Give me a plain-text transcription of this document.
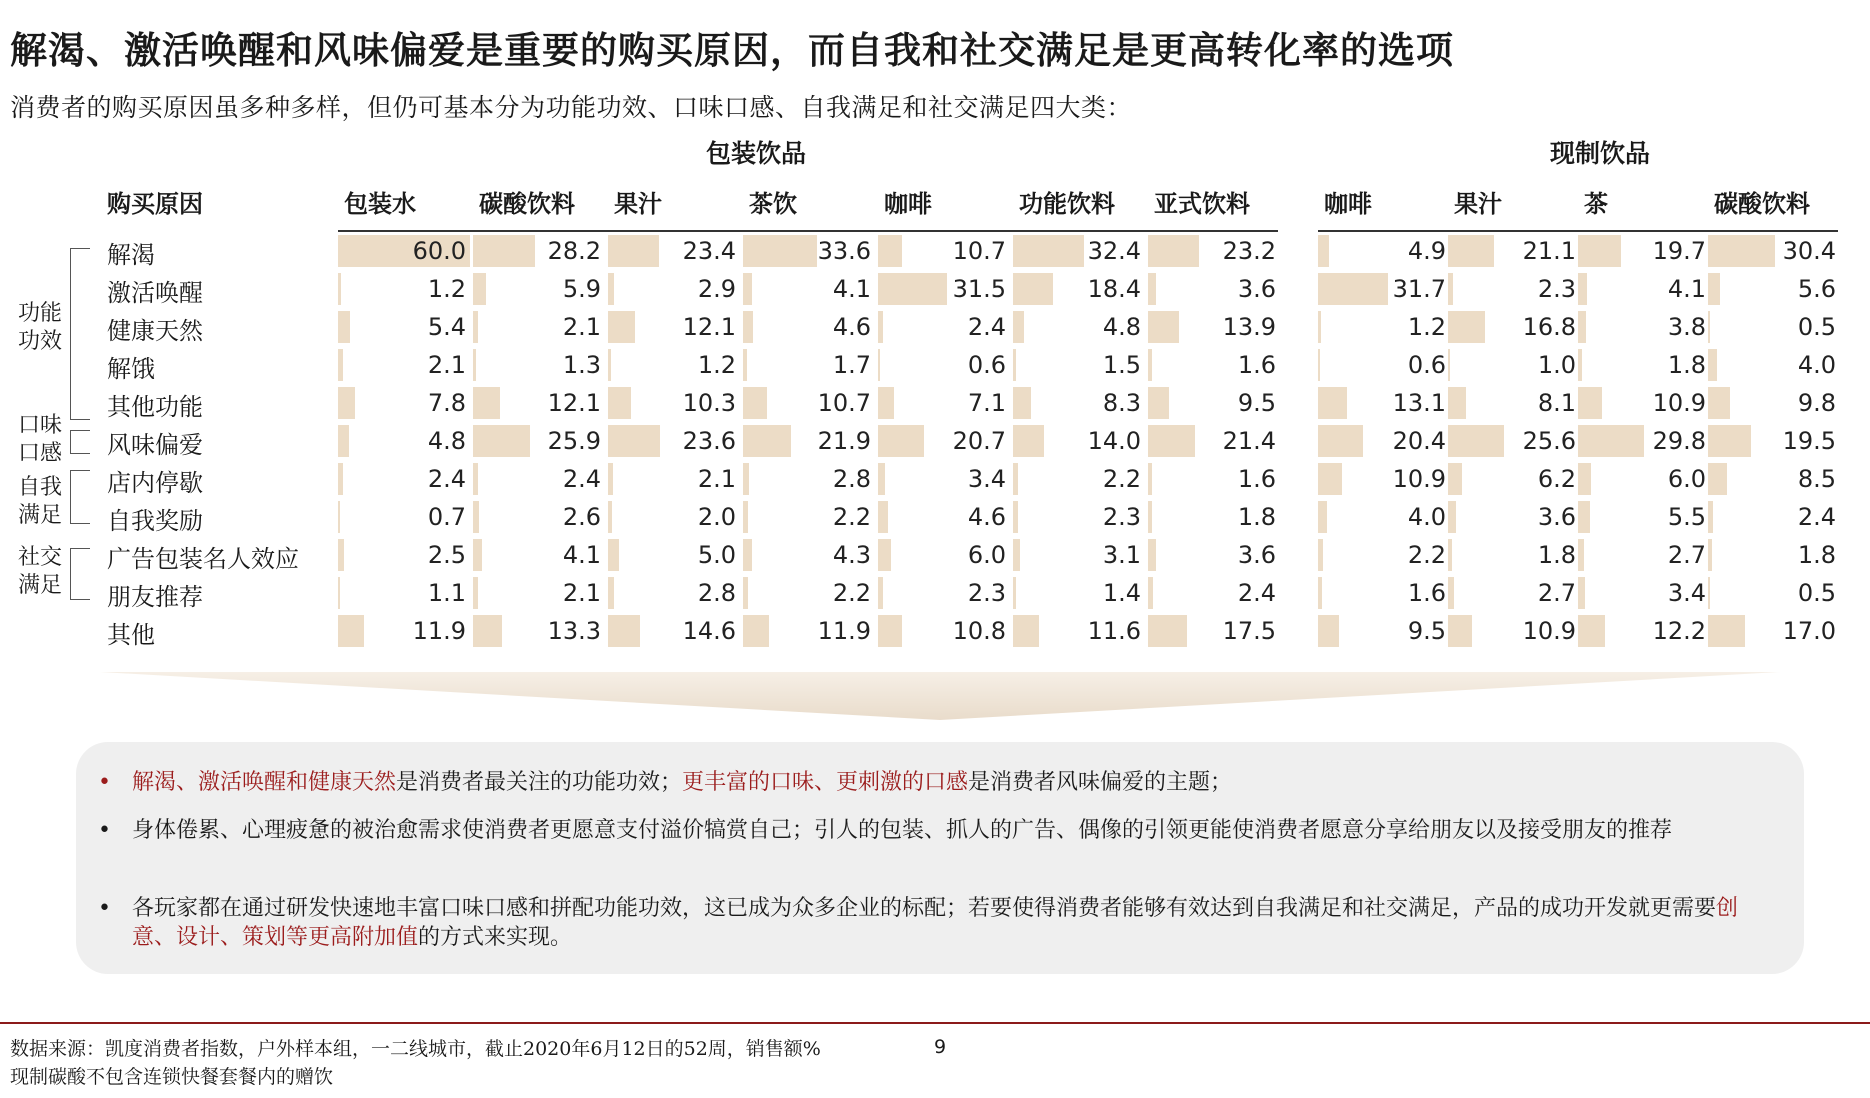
解渴、激活唤醒和风味偏爱是重要的购买原因，而自我和社交满足是更高转化率的选项
消费者的购买原因虽多种多样，但仍可基本分为功能功效、口味口感、自我满足和社交满足四大类：
包装饮品	现制饮品
购买原因	包装水	碳酸饮料 果汁	茶饮	咖啡	功能饮料 亚式饮料	咖啡	果汁	茶	碳酸饮料
功能功效
口味口感
自我满足
社交满足
解渴	60.0	28.2	23.4	33.6	10.7	32.4	23.2	4.9	21.1	19.7	30.4
激活唤醒	1.2	5.9	2.9	4.1	31.5	18.4	3.6	31.7	2.3	4.1	5.6
健康天然	5.4	2.1	12.1	4.6	2.4	4.8	13.9	1.2	16.8	3.8	0.5
解饿	2.1	1.3	1.2	1.7	0.6	1.5	1.6	0.6	1.0	1.8	4.0
其他功能	7.8	12.1	10.3	10.7	7.1	8.3	9.5	13.1	8.1	10.9	9.8
风味偏爱	4.8	25.9	23.6	21.9	20.7	14.0	21.4	20.4	25.6	29.8	19.5
店内停歇	2.4	2.4	2.1	2.8	3.4	2.2	1.6	10.9	6.2	6.0	8.5
自我奖励	0.7	2.6	2.0	2.2	4.6	2.3	1.8	4.0	3.6	5.5	2.4
广告包装名人效应	2.5	4.1	5.0	4.3	6.0	3.1	3.6	2.2	1.8	2.7	1.8
朋友推荐	1.1	2.1	2.8	2.2	2.3	1.4	2.4	1.6	2.7	3.4	0.5
其他	11.9	13.3	14.6	11.9	10.8	11.6	17.5	9.5	10.9	12.2	17.0
• 解渴、激活唤醒和健康天然是消费者最关注的功能功效；更丰富的口味、更刺激的口感是消费者风味偏爱的主题；
• 身体倦累、心理疲惫的被治愈需求使消费者更愿意支付溢价犒赏自己；引人的包装、抓人的广告、偶像的引领更能使消费者愿意分享给朋友以及接受朋友的推荐
• 各玩家都在通过研发快速地丰富口味口感和拼配功能功效，这已成为众多企业的标配；若要使得消费者能够有效达到自我满足和社交满足，产品的成功开发就更需要创意、设计、策划等更高附加值的方式来实现。
数据来源：凯度消费者指数，户外样本组，一二线城市，截止2020年6月12日的52周，销售额%
现制碳酸不包含连锁快餐套餐内的赠饮
9
